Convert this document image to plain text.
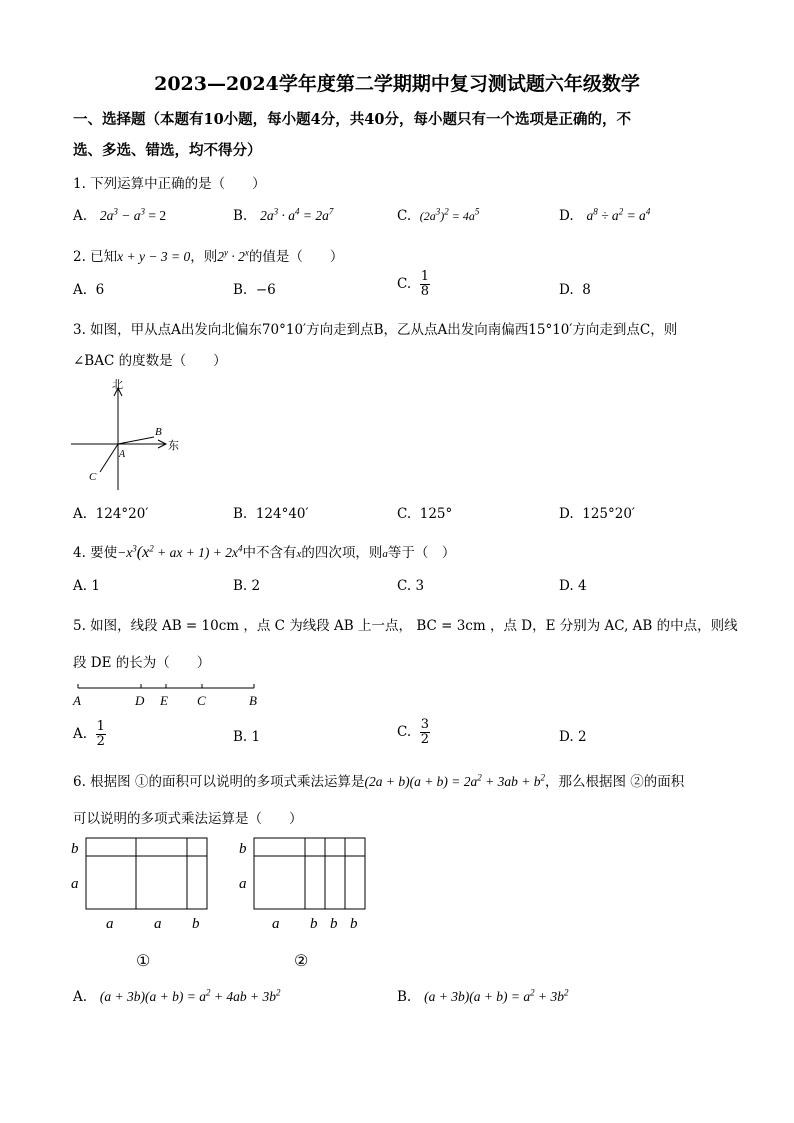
2023—2024学年度第二学期期中复习测试题六年级数学
一、选择题（本题有10小题，每小题4分，共40分，每小题只有一个选项是正确的，不
选、多选、错选，均不得分）
1. 下列运算中正确的是（　　）
A. $2a^3 - a^3 = 2$	B. $2a^3 \cdot a^4 = 2a^7$	C. $(2a^3)^2 = 4a^5$	D. $a^8 \div a^2 = a^4$
2. 已知x + y − 3 = 0，则$2^y \cdot 2^x$的值是（　　）
A. 6	B. −6	C. $\frac{1}{8}$	D. 8
3. 如图，甲从点A出发向北偏东70°10′方向走到点B，乙从点A出发向南偏西15°10′方向走到点C，则
∠BAC 的度数是（　　）
北
东
A
B
C
A. 124°20′	B. 124°40′	C. 125°	D. 125°20′
4. 要使$-x^3(x^2$ + ax + $1) + 2x^4$中不含有x的四次项，则a等于（　）
A. 1	B. 2	C. 3	D. 4
5. 如图，线段 AB = 10cm ，点 C 为线段 AB 上一点， BC = 3cm ，点 D，E 分别为 AC, AB 的中点，则线
段 DE 的长为（　　）
A	D E C	B
A. $\frac{1}{2}$	B. 1	C. $\frac{3}{2}$	D. 2
6. 根据图 ①的面积可以说明的多项式乘法运算是$(2a + b)(a + b) = 2a^2 + 3ab + b^2$，那么根据图 ②的面积
可以说明的多项式乘法运算是（　　）
b
a
a	a b
①
b
a
a b b b
②
A. $(a + 3b)(a + b) = a^2 + 4ab + 3b^2$	B. $(a + 3b)(a + b) = a^2 + 3b^2$
